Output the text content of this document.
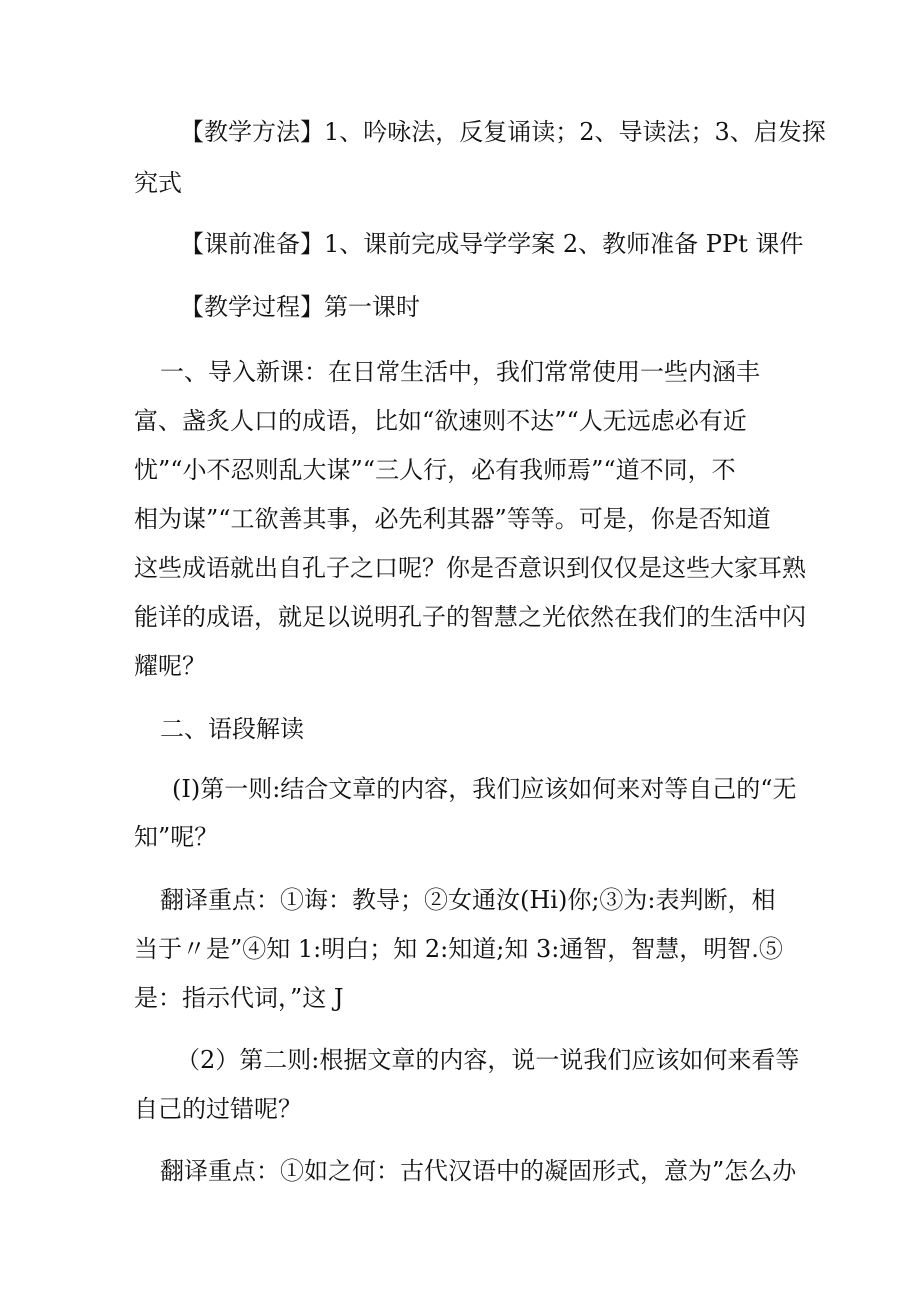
【教学方法】1、吟咏法，反复诵读；2、导读法；3、启发探
究式
【课前准备】1、课前完成导学学案 2、教师准备 PPt 课件
【教学过程】第一课时
一、导入新课：在日常生活中，我们常常使用一些内涵丰
富、盏炙人口的成语，比如“欲速则不达”“人无远虑必有近
忧”“小不忍则乱大谋”“三人行，必有我师焉”“道不同，不
相为谋”“工欲善其事，必先利其器”等等。可是，你是否知道
这些成语就出自孔子之口呢？你是否意识到仅仅是这些大家耳熟
能详的成语，就足以说明孔子的智慧之光依然在我们的生活中闪
耀呢？
二、语段解读
(I)第一则:结合文章的内容，我们应该如何来对等自己的“无
知”呢？
翻译重点：①诲：教导；②女通汝(Hi)你;③为:表判断，相
当于〃是”④知 1:明白；知 2:知道;知 3:通智，智慧，明智.⑤
是：指示代词，”这 J
（2）第二则:根据文章的内容，说一说我们应该如何来看等
自己的过错呢？
翻译重点：①如之何：古代汉语中的凝固形式，意为”怎么办
